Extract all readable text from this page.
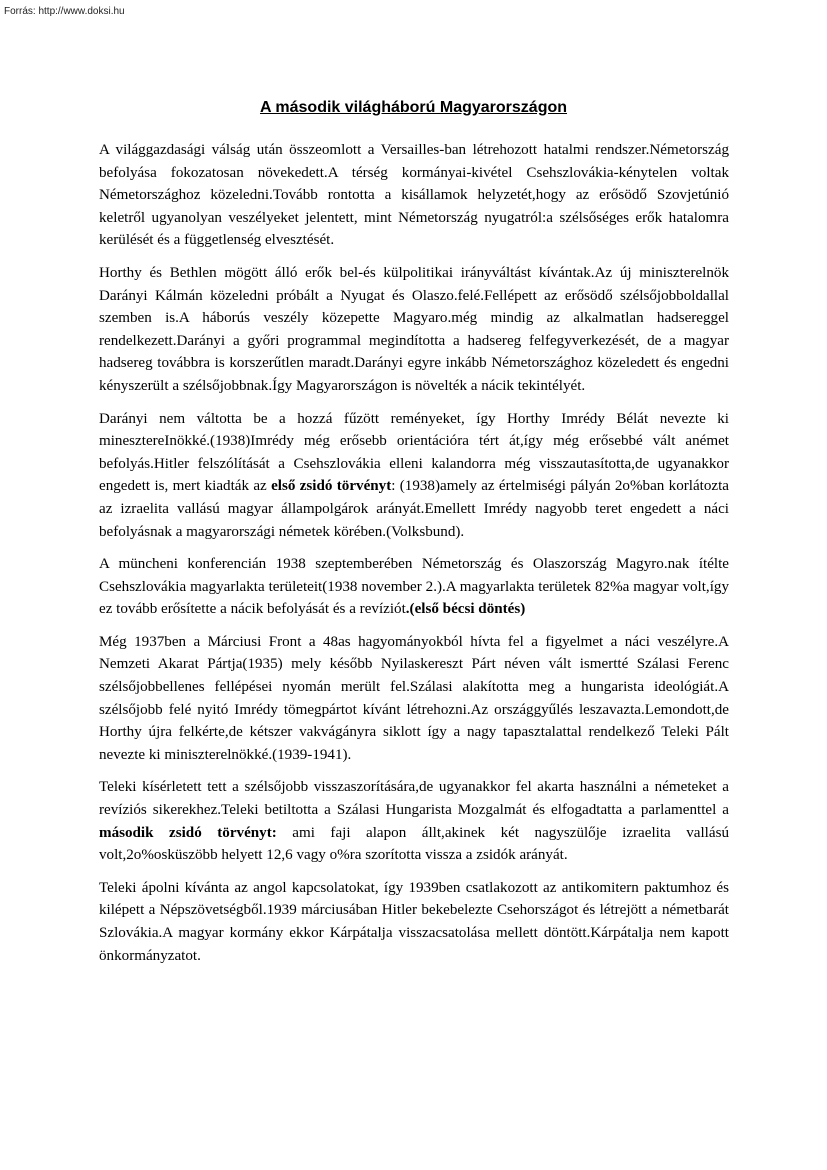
Forrás: http://www.doksi.hu
A második világháború Magyarországon

A világgazdasági válság után összeomlott a Versailles-ban létrehozott hatalmi rendszer.Németország befolyása fokozatosan növekedett.A térség kormányai-kivétel Csehszlovákia-kénytelen voltak Németországhoz közeledni.Tovább rontotta a kisállamok helyzetét,hogy az erősödő Szovjetúnió keletről ugyanolyan veszélyeket jelentett, mint Németország nyugatról:a szélsőséges erők hatalomra kerülését és a függetlenség elvesztését.

Horthy és Bethlen mögött álló erők bel-és külpolitikai irányváltást kívántak.Az új miniszterelnök Darányi Kálmán közeledni próbált a Nyugat és Olaszo.felé.Fellépett az erősödő szélsőjobboldallal szemben is.A háborús veszély közepette Magyaro.még mindig az alkalmatlan hadsereggel rendelkezett.Darányi a győri programmal megindította a hadsereg felfegyverkezését, de a magyar hadsereg továbbra is korszerűtlen maradt.Darányi egyre inkább Németországhoz közeledett és engedni kényszerült a szélsőjobbnak.Így Magyarországon is növelték a nácik tekintélyét.

Darányi nem váltotta be a hozzá fűzött reményeket, így Horthy Imrédy Bélát nevezte ki minesztereInökké.(1938)Imrédy még erősebb orientációra tért át,így még erősebbé vált anémet befolyás.Hitler felszólítását a Csehszlovákia elleni kalandorra még visszautasította,de ugyanakkor engedett is, mert kiadták az első zsidó törvényt: (1938)amely az értelmiségi pályán 2o%ban korlátozta az izraelita vallású magyar állampolgárok arányát.Emellett Imrédy nagyobb teret engedett a náci befolyásnak a magyarországi németek körében.(Volksbund).

A müncheni konferencián 1938 szeptemberében Németország és Olaszország Magyro.nak ítélte Csehszlovákia magyarlakta területeit(1938 november 2.).A magyarlakta területek 82%a magyar volt,így ez tovább erősítette a nácik befolyását és a revíziót.(első bécsi döntés)

Még 1937ben a Márciusi Front a 48as hagyományokból hívta fel a figyelmet a náci veszélyre.A Nemzeti Akarat Pártja(1935) mely később Nyilaskereszt Párt néven vált ismertté Szálasi Ferenc szélsőjobbellenes fellépései nyomán merült fel.Szálasi alakította meg a hungarista ideológiát.A szélsőjobb felé nyitó Imrédy tömegpártot kívánt létrehozni.Az országgyűlés leszavazta.Lemondott,de Horthy újra felkérte,de kétszer vakvágányra siklott így a nagy tapasztalattal rendelkező Teleki Pált nevezte ki miniszterelnökké.(1939-1941).

Teleki kísérletett tett a szélsőjobb visszaszorítására,de ugyanakkor fel akarta használni a németeket a revíziós sikerekhez.Teleki betiltotta a Szálasi Hungarista Mozgalmát és elfogadtatta a parlamenttel a második zsidó törvényt: ami faji alapon állt,akinek két nagyszülője izraelita vallású volt,2o%osküszöbb helyett 12,6 vagy o%ra szorította vissza a zsidók arányát.

Teleki ápolni kívánta az angol kapcsolatokat, így 1939ben csatlakozott az antikomitern paktumhoz és kilépett a Népszövetségből.1939 márciusában Hitler bekebelezte Csehországot és létrejött a németbarát Szlovákia.A magyar kormány ekkor Kárpátalja visszacsatolása mellett döntött.Kárpátalja nem kapott önkormányzatot.
